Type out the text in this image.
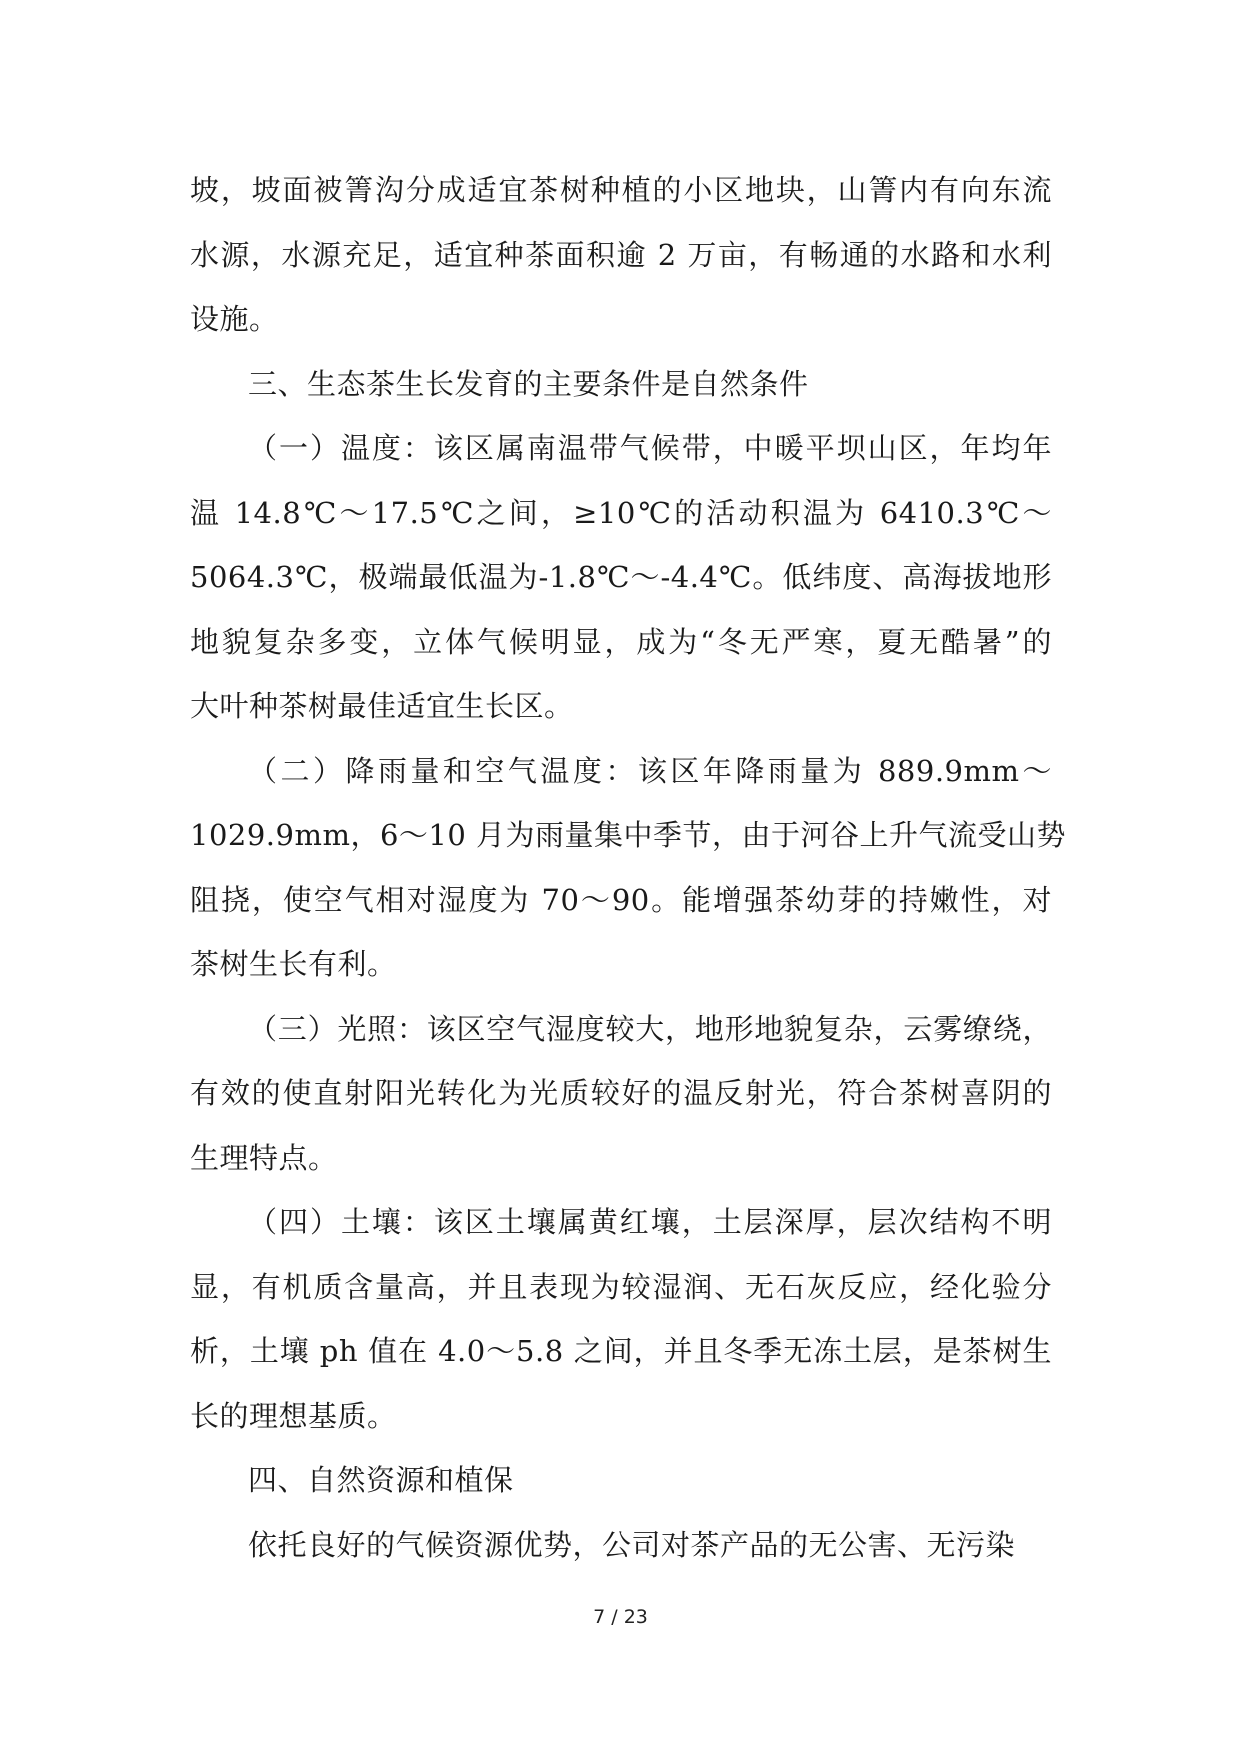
坡，坡面被箐沟分成适宜茶树种植的小区地块，山箐内有向东流
水源，水源充足，适宜种茶面积逾 2 万亩，有畅通的水路和水利
设施。

三、生态茶生长发育的主要条件是自然条件

（一）温度：该区属南温带气候带，中暖平坝山区，年均年
温 14.8℃～17.5℃之间，≥10℃的活动积温为 6410.3℃～
5064.3℃，极端最低温为-1.8℃～-4.4℃。低纬度、高海拔地形
地貌复杂多变，立体气候明显，成为“冬无严寒，夏无酷暑”的
大叶种茶树最佳适宜生长区。

（二）降雨量和空气温度：该区年降雨量为 889.9mm～
1029.9mm，6～10 月为雨量集中季节，由于河谷上升气流受山势
阻挠，使空气相对湿度为 70～90。能增强茶幼芽的持嫩性，对
茶树生长有利。

（三）光照：该区空气湿度较大，地形地貌复杂，云雾缭绕，
有效的使直射阳光转化为光质较好的温反射光，符合茶树喜阴的
生理特点。

（四）土壤：该区土壤属黄红壤，土层深厚，层次结构不明
显，有机质含量高，并且表现为较湿润、无石灰反应，经化验分
析，土壤 ph 值在 4.0～5.8 之间，并且冬季无冻土层，是茶树生
长的理想基质。

四、自然资源和植保

依托良好的气候资源优势，公司对茶产品的无公害、无污染

7 / 23
